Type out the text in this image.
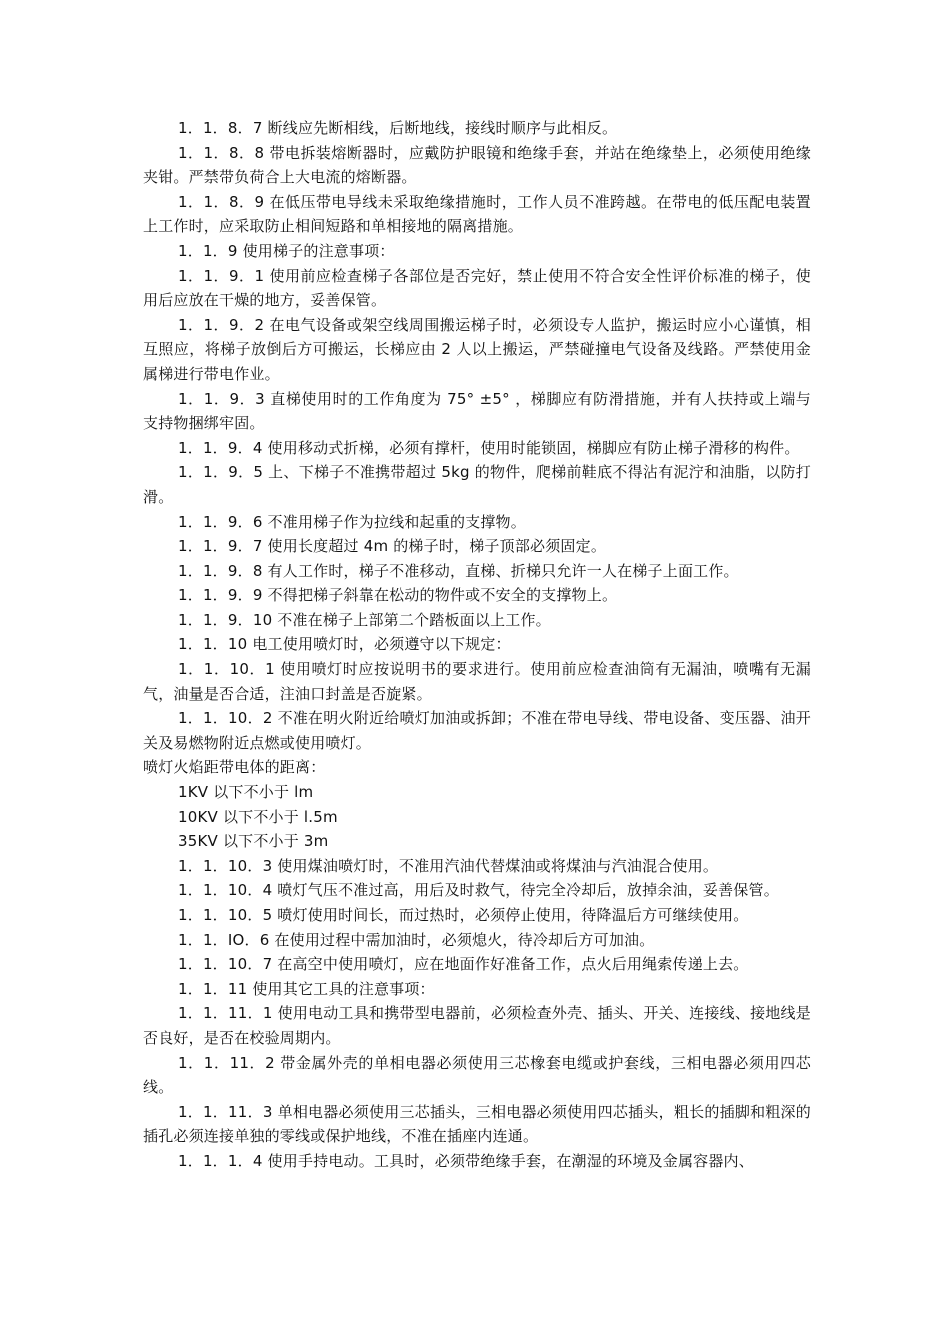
1．1．8．7 断线应先断相线，后断地线，接线时顺序与此相反。

1．1．8．8 带电拆装熔断器时，应戴防护眼镜和绝缘手套，并站在绝缘垫上，必须使用绝缘夹钳。严禁带负荷合上大电流的熔断器。

1．1．8．9 在低压带电导线未采取绝缘措施时，工作人员不准跨越。在带电的低压配电装置上工作时，应采取防止相间短路和单相接地的隔离措施。

1．1．9 使用梯子的注意事项：

1．1．9．1 使用前应检查梯子各部位是否完好，禁止使用不符合安全性评价标准的梯子，使用后应放在干燥的地方，妥善保管。

1．1．9．2 在电气设备或架空线周围搬运梯子时，必须设专人监护，搬运时应小心谨慎，相互照应，将梯子放倒后方可搬运，长梯应由 2 人以上搬运，严禁碰撞电气设备及线路。严禁使用金属梯进行带电作业。

1．1．9．3 直梯使用时的工作角度为 75° ±5° ，梯脚应有防滑措施，并有人扶持或上端与支持物捆绑牢固。

1．1．9．4 使用移动式折梯，必须有撑杆，使用时能锁固，梯脚应有防止梯子滑移的构件。

1．1．9．5 上、下梯子不准携带超过 5kg 的物件，爬梯前鞋底不得沾有泥泞和油脂，以防打滑。

1．1．9．6 不准用梯子作为拉线和起重的支撑物。

1．1．9．7 使用长度超过 4m 的梯子时，梯子顶部必须固定。

1．1．9．8 有人工作时，梯子不准移动，直梯、折梯只允许一人在梯子上面工作。

1．1．9．9 不得把梯子斜靠在松动的物件或不安全的支撑物上。

1．1．9．10 不准在梯子上部第二个踏板面以上工作。

1．1．10 电工使用喷灯时，必须遵守以下规定：

1．1．10．1 使用喷灯时应按说明书的要求进行。使用前应检查油筒有无漏油，喷嘴有无漏气，油量是否合适，注油口封盖是否旋紧。

1．1．10．2 不准在明火附近给喷灯加油或拆卸；不准在带电导线、带电设备、变压器、油开关及易燃物附近点燃或使用喷灯。

喷灯火焰距带电体的距离：

1KV 以下不小于 lm

10KV 以下不小于 l.5m

35KV 以下不小于 3m

1．1．10．3 使用煤油喷灯时，不准用汽油代替煤油或将煤油与汽油混合使用。

1．1．10．4 喷灯气压不准过高，用后及时救气，待完全冷却后，放掉余油，妥善保管。

1．1．10．5 喷灯使用时间长，而过热时，必须停止使用，待降温后方可继续使用。

1．1．IO．6 在使用过程中需加油时，必须熄火，待冷却后方可加油。

1．1．10．7 在高空中使用喷灯，应在地面作好准备工作，点火后用绳索传递上去。

1．1．11 使用其它工具的注意事项：

1．1．11．1 使用电动工具和携带型电器前，必须检查外壳、插头、开关、连接线、接地线是否良好，是否在校验周期内。

1．1．11．2 带金属外壳的单相电器必须使用三芯橡套电缆或护套线，三相电器必须用四芯线。

1．1．11．3 单相电器必须使用三芯插头，三相电器必须使用四芯插头，粗长的插脚和粗深的插孔必须连接单独的零线或保护地线，不准在插座内连通。

1．1．1．4 使用手持电动。工具时，必须带绝缘手套，在潮湿的环境及金属容器内、
